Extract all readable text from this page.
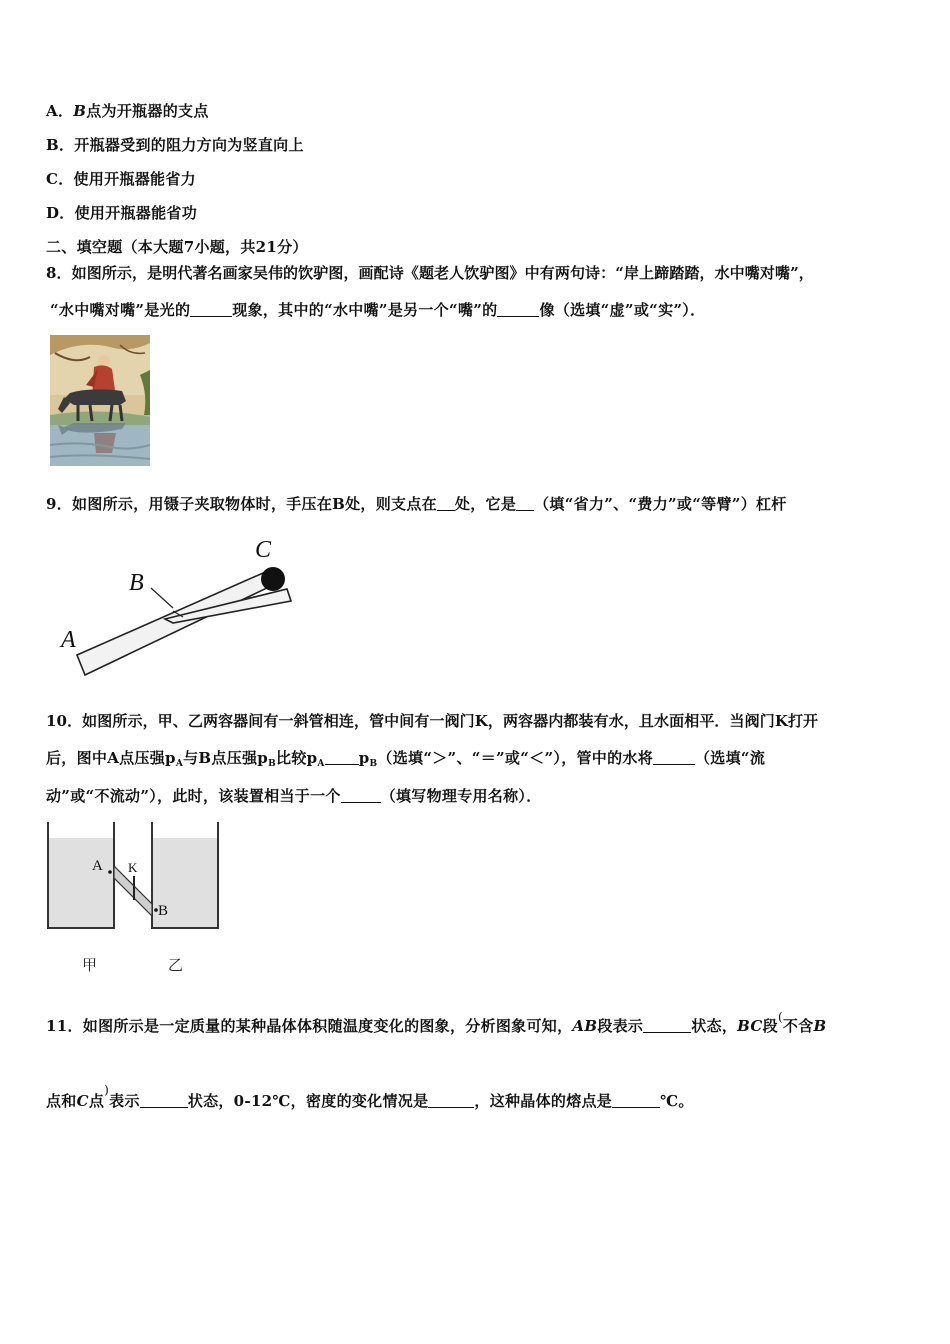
A．B点为开瓶器的支点
B．开瓶器受到的阻力方向为竖直向上
C．使用开瓶器能省力
D．使用开瓶器能省功
二、填空题（本大题7小题，共21分）
8．如图所示，是明代著名画家吴伟的饮驴图，画配诗《题老人饮驴图》中有两句诗：“岸上蹄踏踏，水中嘴对嘴”，
“水中嘴对嘴”是光的	现象，其中的“水中嘴”是另一个“嘴”的	像（选填“虚”或“实”）．
9．如图所示，用镊子夹取物体时，手压在B处，则支点在 处，它是 （填“省力”、“费力”或“等臂”）杠杆
B
C
A
10．如图所示，甲、乙两容器间有一斜管相连，管中间有一阀门K，两容器内都装有水，且水面相平．当阀门K打开
后，图中A点压强$p_A$与B点压强$p_B$比较$p_A$ $p_B$（选填“＞”、“＝”或“＜”），管中的水将	（选填“流
动”或“不流动”），此时，该装置相当于一个	（填写物理专用名称）．
A K
B
甲	乙
11．如图所示是一定质量的某种晶体体积随温度变化的图象，分析图象可知，AB段表示	状态，BC段(不含B
点和C点)表示	状态，0-12℃，密度的变化情况是	，这种晶体的熔点是	℃。
